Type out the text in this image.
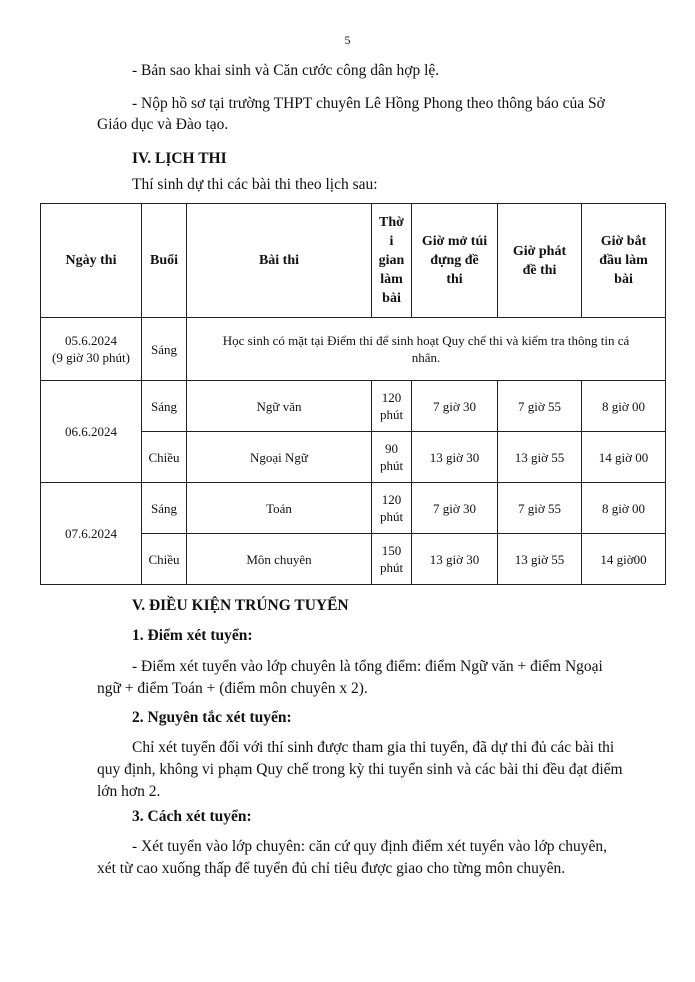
5

- Bản sao khai sinh và Căn cước công dân hợp lệ.

- Nộp hồ sơ tại trường THPT chuyên Lê Hồng Phong theo thông báo của Sở

Giáo dục và Đào tạo.

IV. LỊCH THI

Thí sinh dự thi các bài thi theo lịch sau:

Ngày thi	Buổi	Bài thi	Thờ
i
gian
làm
bài	Giờ mở túi
đựng đề
thi	Giờ phát
đề thi	Giờ bắt
đầu làm
bài
05.6.2024
(9 giờ 30 phút)	Sáng	Học sinh có mặt tại Điểm thi để sinh hoạt Quy chế thi và kiểm tra thông tin cá
nhân.				
06.6.2024	Sáng	Ngữ văn	120
phút	7 giờ 30	7 giờ 55	8 giờ 00
	Chiều	Ngoại Ngữ	90
phút	13 giờ 30	13 giờ 55	14 giờ 00
07.6.2024	Sáng	Toán	120
phút	7 giờ 30	7 giờ 55	8 giờ 00
	Chiều	Môn chuyên	150
phút	13 giờ 30	13 giờ 55	14 giờ00

V. ĐIỀU KIỆN TRÚNG TUYỂN

1. Điểm xét tuyển:

- Điểm xét tuyển vào lớp chuyên là tổng điểm: điểm Ngữ văn + điểm Ngoại

ngữ + điểm Toán + (điểm môn chuyên x 2).

2. Nguyên tắc xét tuyển:

Chỉ xét tuyển đối với thí sinh được tham gia thi tuyển, đã dự thi đủ các bài thi

quy định, không vi phạm Quy chế trong kỳ thi tuyển sinh và các bài thi đều đạt điểm

lớn hơn 2.

3. Cách xét tuyển:

- Xét tuyển vào lớp chuyên: căn cứ quy định điểm xét tuyển vào lớp chuyên,

xét từ cao xuống thấp để tuyển đủ chỉ tiêu được giao cho từng môn chuyên.
